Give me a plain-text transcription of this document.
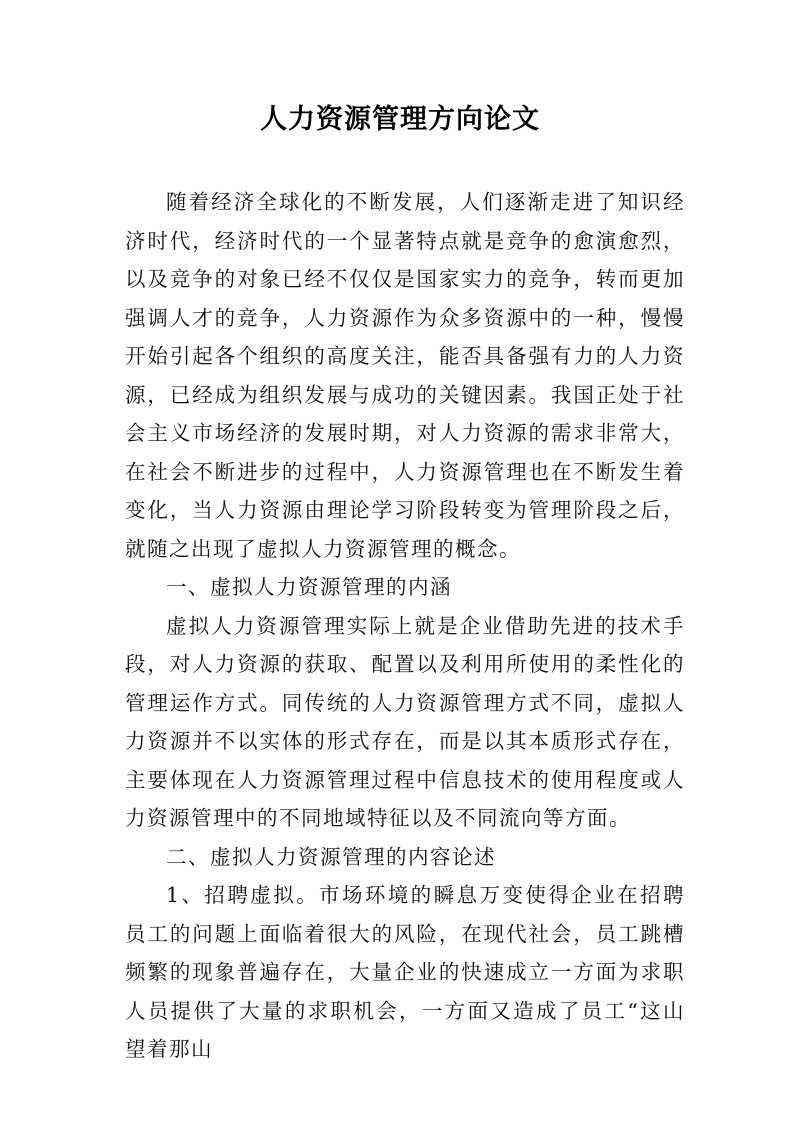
人力资源管理方向论文

随着经济全球化的不断发展，人们逐渐走进了知识经济时代，经济时代的一个显著特点就是竞争的愈演愈烈，以及竞争的对象已经不仅仅是国家实力的竞争，转而更加强调人才的竞争，人力资源作为众多资源中的一种，慢慢开始引起各个组织的高度关注，能否具备强有力的人力资源，已经成为组织发展与成功的关键因素。我国正处于社会主义市场经济的发展时期，对人力资源的需求非常大，在社会不断进步的过程中，人力资源管理也在不断发生着变化，当人力资源由理论学习阶段转变为管理阶段之后，就随之出现了虚拟人力资源管理的概念。

一、虚拟人力资源管理的内涵

虚拟人力资源管理实际上就是企业借助先进的技术手段，对人力资源的获取、配置以及利用所使用的柔性化的管理运作方式。同传统的人力资源管理方式不同，虚拟人力资源并不以实体的形式存在，而是以其本质形式存在，主要体现在人力资源管理过程中信息技术的使用程度或人力资源管理中的不同地域特征以及不同流向等方面。

二、虚拟人力资源管理的内容论述

1、招聘虚拟。市场环境的瞬息万变使得企业在招聘员工的问题上面临着很大的风险，在现代社会，员工跳槽频繁的现象普遍存在，大量企业的快速成立一方面为求职人员提供了大量的求职机会，一方面又造成了员工“这山望着那山
